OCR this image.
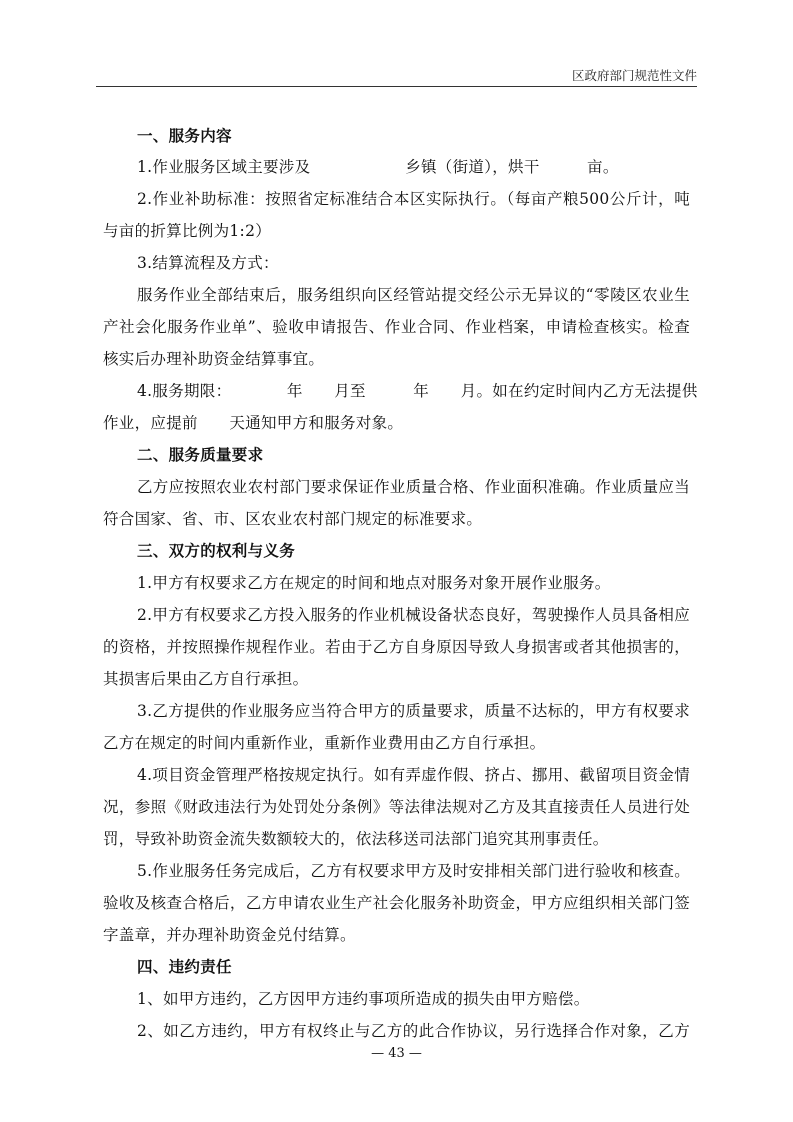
区政府部门规范性文件
一、服务内容
1.作业服务区域主要涉及　　　　　　乡镇（街道），烘干　　　亩。
2.作业补助标准：按照省定标准结合本区实际执行。（每亩产粮500公斤计，吨
与亩的折算比例为1:2）
3.结算流程及方式：
服务作业全部结束后，服务组织向区经管站提交经公示无异议的“零陵区农业生
产社会化服务作业单”、验收申请报告、作业合同、作业档案，申请检查核实。检查
核实后办理补助资金结算事宜。
4.服务期限：　　　　年　　月至　　　年　　月。如在约定时间内乙方无法提供
作业，应提前　　天通知甲方和服务对象。
二、服务质量要求
乙方应按照农业农村部门要求保证作业质量合格、作业面积准确。作业质量应当
符合国家、省、市、区农业农村部门规定的标准要求。
三、双方的权利与义务
1.甲方有权要求乙方在规定的时间和地点对服务对象开展作业服务。
2.甲方有权要求乙方投入服务的作业机械设备状态良好，驾驶操作人员具备相应
的资格，并按照操作规程作业。若由于乙方自身原因导致人身损害或者其他损害的，
其损害后果由乙方自行承担。
3.乙方提供的作业服务应当符合甲方的质量要求，质量不达标的，甲方有权要求
乙方在规定的时间内重新作业，重新作业费用由乙方自行承担。
4.项目资金管理严格按规定执行。如有弄虚作假、挤占、挪用、截留项目资金情
况，参照《财政违法行为处罚处分条例》等法律法规对乙方及其直接责任人员进行处
罚，导致补助资金流失数额较大的，依法移送司法部门追究其刑事责任。
5.作业服务任务完成后，乙方有权要求甲方及时安排相关部门进行验收和核查。
验收及核查合格后，乙方申请农业生产社会化服务补助资金，甲方应组织相关部门签
字盖章，并办理补助资金兑付结算。
四、违约责任
1、如甲方违约，乙方因甲方违约事项所造成的损失由甲方赔偿。
2、如乙方违约，甲方有权终止与乙方的此合作协议，另行选择合作对象，乙方
— 43 —
